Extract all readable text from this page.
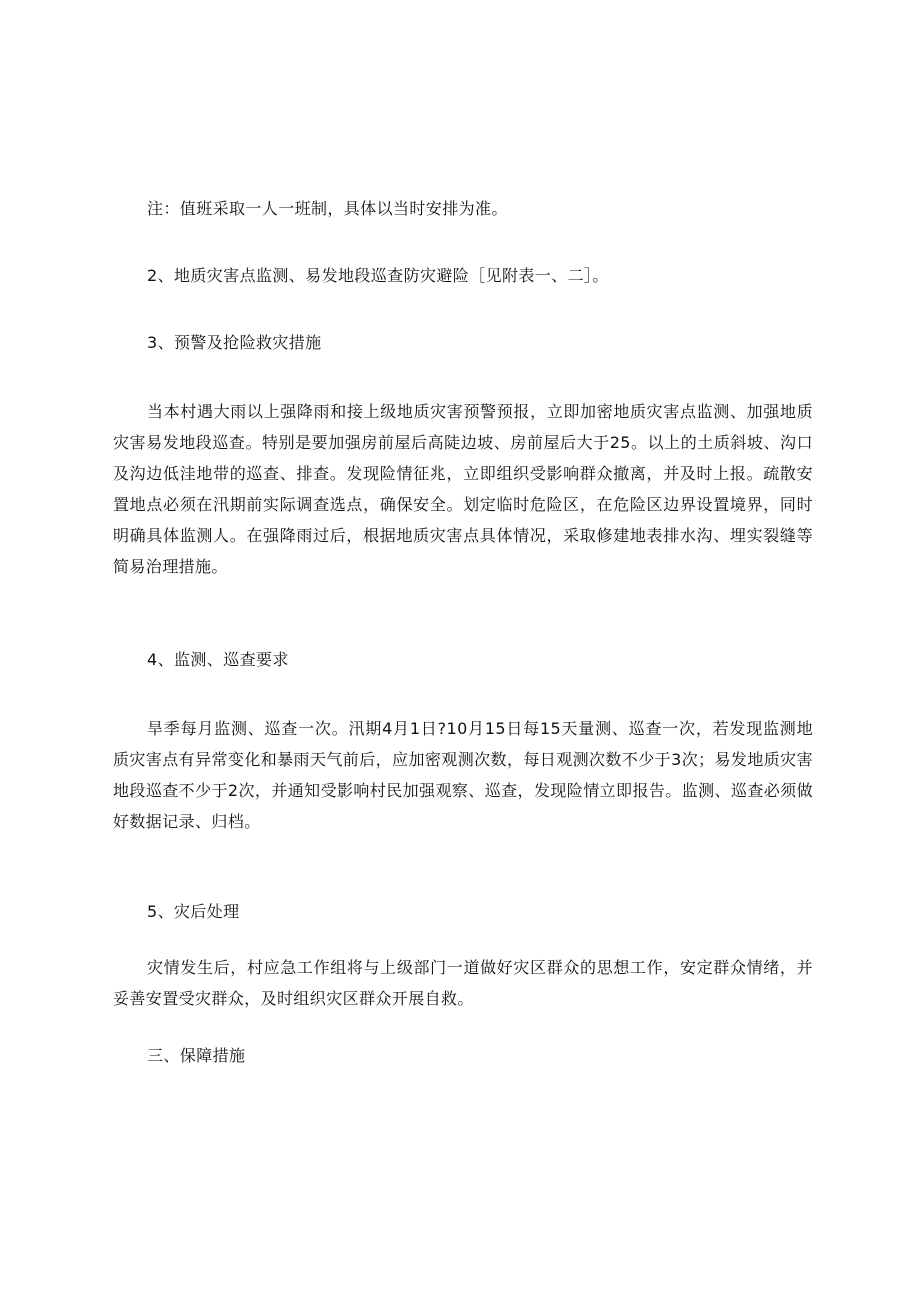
注：值班采取一人一班制，具体以当时安排为准。

2、地质灾害点监测、易发地段巡查防灾避险［见附表一、二］。

3、预警及抢险救灾措施

当本村遇大雨以上强降雨和接上级地质灾害预警预报，立即加密地质灾害点监测、加强地质灾害易发地段巡查。特别是要加强房前屋后高陡边坡、房前屋后大于25。以上的土质斜坡、沟口及沟边低洼地带的巡查、排查。发现险情征兆，立即组织受影响群众撤离，并及时上报。疏散安置地点必须在汛期前实际调查选点，确保安全。划定临时危险区，在危险区边界设置境界，同时明确具体监测人。在强降雨过后，根据地质灾害点具体情况，采取修建地表排水沟、埋实裂缝等简易治理措施。

4、监测、巡查要求

旱季每月监测、巡查一次。汛期4月1日?10月15日每15天量测、巡查一次，若发现监测地质灾害点有异常变化和暴雨天气前后，应加密观测次数，每日观测次数不少于3次；易发地质灾害地段巡查不少于2次，并通知受影响村民加强观察、巡查，发现险情立即报告。监测、巡查必须做好数据记录、归档。

5、灾后处理

灾情发生后，村应急工作组将与上级部门一道做好灾区群众的思想工作，安定群众情绪，并妥善安置受灾群众，及时组织灾区群众开展自救。

三、保障措施
